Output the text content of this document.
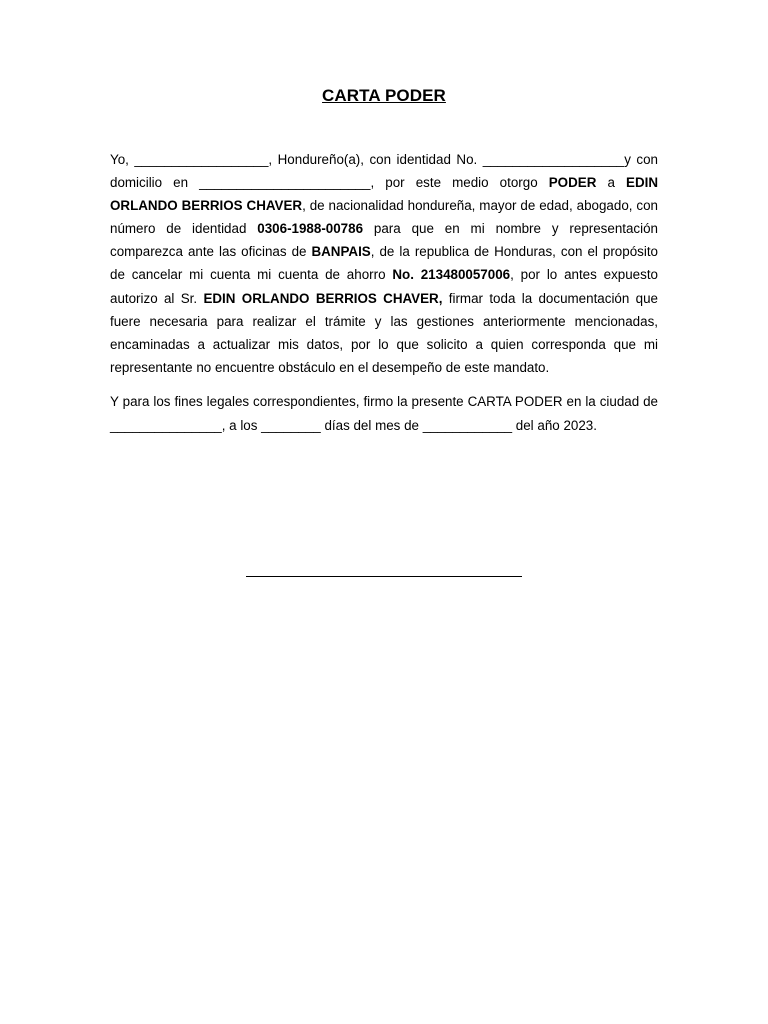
CARTA PODER

Yo, __________________, Hondureño(a), con identidad No. ___________________y con domicilio en _______________________, por este medio otorgo PODER a EDIN ORLANDO BERRIOS CHAVER, de nacionalidad hondureña, mayor de edad, abogado, con número de identidad 0306-1988-00786 para que en mi nombre y representación comparezca ante las oficinas de BANPAIS, de la republica de Honduras, con el propósito de cancelar mi cuenta mi cuenta de ahorro No. 213480057006, por lo antes expuesto autorizo al Sr. EDIN ORLANDO BERRIOS CHAVER, firmar toda la documentación que fuere necesaria para realizar el trámite y las gestiones anteriormente mencionadas, encaminadas a actualizar mis datos, por lo que solicito a quien corresponda que mi representante no encuentre obstáculo en el desempeño de este mandato.

Y para los fines legales correspondientes, firmo la presente CARTA PODER en la ciudad de _______________, a los ________ días del mes de ____________ del año 2023.
